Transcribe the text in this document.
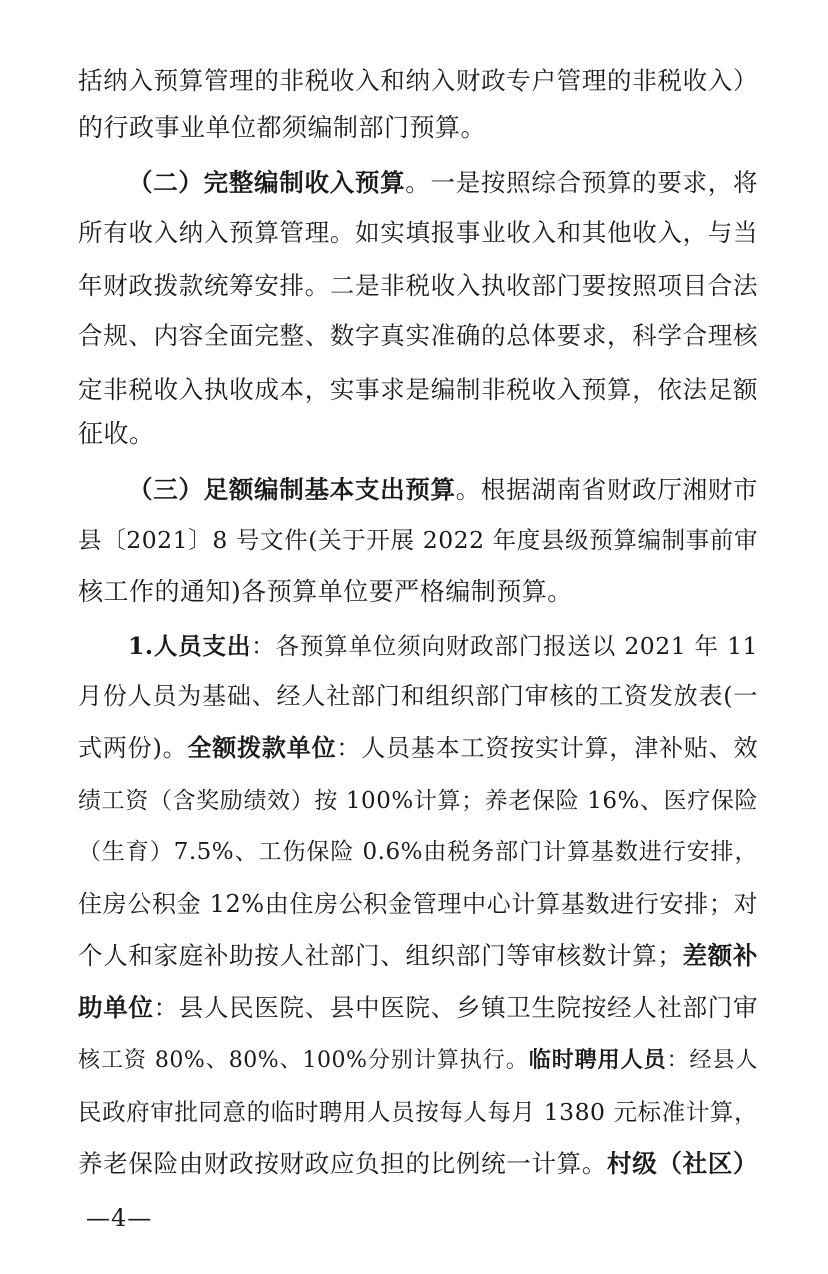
括纳入预算管理的非税收入和纳入财政专户管理的非税收入）
的行政事业单位都须编制部门预算。
（二）完整编制收入预算。一是按照综合预算的要求，将
所有收入纳入预算管理。如实填报事业收入和其他收入，与当
年财政拨款统筹安排。二是非税收入执收部门要按照项目合法
合规、内容全面完整、数字真实准确的总体要求，科学合理核
定非税收入执收成本，实事求是编制非税收入预算，依法足额
征收。
（三）足额编制基本支出预算。根据湖南省财政厅湘财市
县〔2021〕8 号文件(关于开展 2022 年度县级预算编制事前审
核工作的通知)各预算单位要严格编制预算。
1.人员支出：各预算单位须向财政部门报送以 2021 年 11
月份人员为基础、经人社部门和组织部门审核的工资发放表(一
式两份)。全额拨款单位：人员基本工资按实计算，津补贴、效
绩工资（含奖励绩效）按 100%计算；养老保险 16%、医疗保险
（生育）7.5%、工伤保险 0.6%由税务部门计算基数进行安排，
住房公积金 12%由住房公积金管理中心计算基数进行安排；对
个人和家庭补助按人社部门、组织部门等审核数计算；差额补
助单位：县人民医院、县中医院、乡镇卫生院按经人社部门审
核工资 80%、80%、100%分别计算执行。临时聘用人员：经县人
民政府审批同意的临时聘用人员按每人每月 1380 元标准计算，
养老保险由财政按财政应负担的比例统一计算。村级（社区）
—4—
